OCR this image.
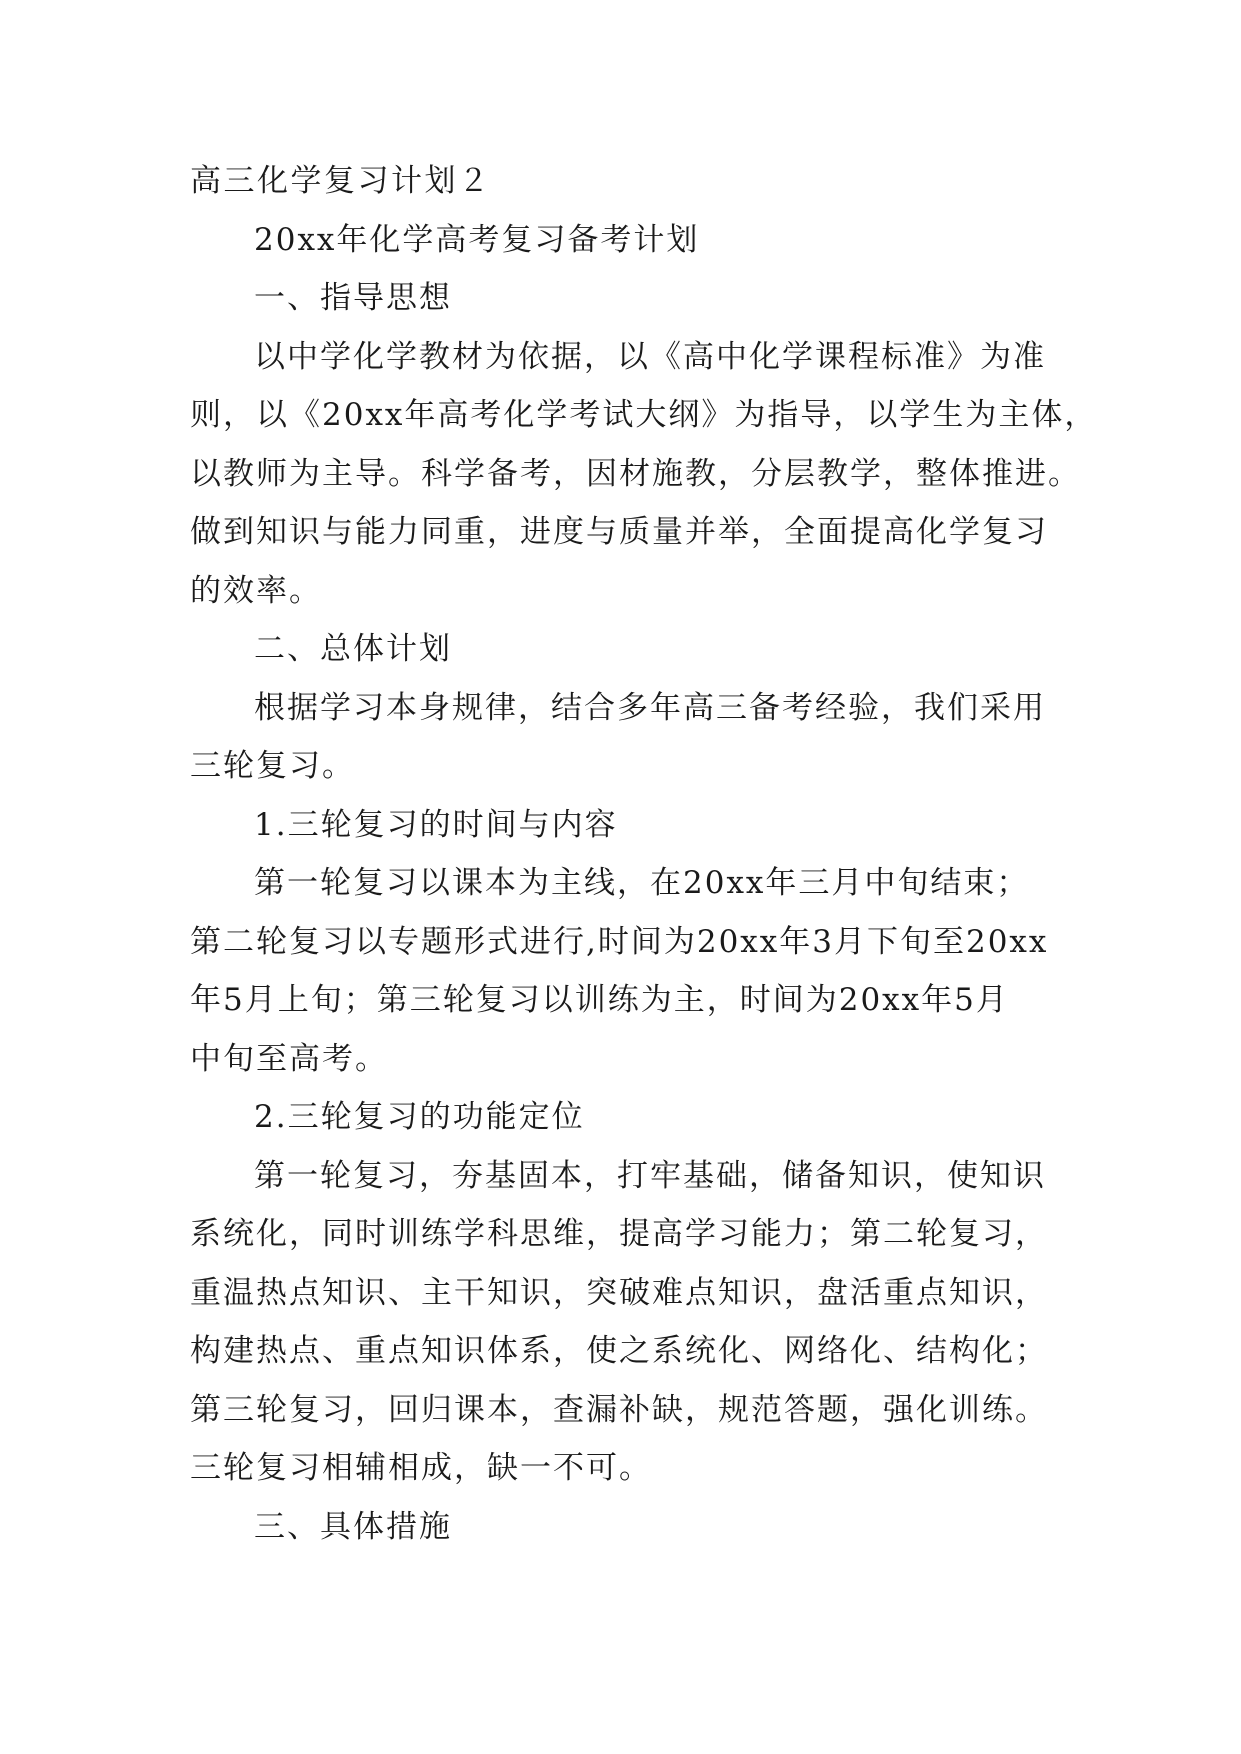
高三化学复习计划２

20xx年化学高考复习备考计划

一、指导思想

以中学化学教材为依据，以《高中化学课程标准》为准

则，以《20xx年高考化学考试大纲》为指导，以学生为主体，

以教师为主导。科学备考，因材施教，分层教学，整体推进。

做到知识与能力同重，进度与质量并举，全面提高化学复习

的效率。

二、总体计划

根据学习本身规律，结合多年高三备考经验，我们采用

三轮复习。

1.三轮复习的时间与内容

第一轮复习以课本为主线，在20xx年三月中旬结束；

第二轮复习以专题形式进行,时间为20xx年3月下旬至20xx

年5月上旬；第三轮复习以训练为主，时间为20xx年5月

中旬至高考。

2.三轮复习的功能定位

第一轮复习，夯基固本，打牢基础，储备知识，使知识

系统化，同时训练学科思维，提高学习能力；第二轮复习，

重温热点知识、主干知识，突破难点知识，盘活重点知识，

构建热点、重点知识体系，使之系统化、网络化、结构化；

第三轮复习，回归课本，查漏补缺，规范答题，强化训练。

三轮复习相辅相成，缺一不可。

三、具体措施
